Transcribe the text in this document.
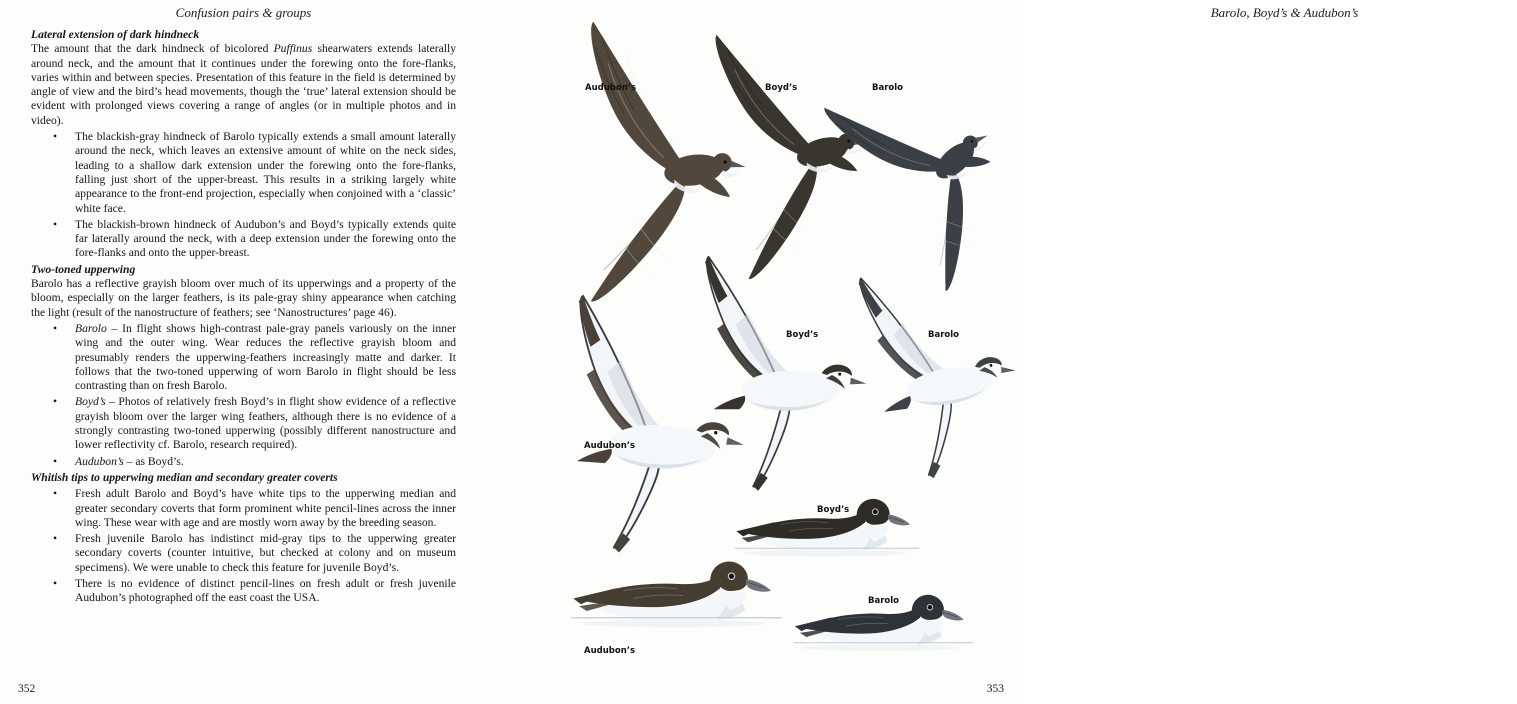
Confusion pairs & groups

Lateral extension of dark hindneck

The amount that the dark hindneck of bicolored Puffinus shearwaters extends laterally around neck, and the amount that it continues under the forewing onto the fore-flanks, varies within and between species. Presentation of this feature in the field is determined by angle of view and the bird’s head movements, though the ‘true’ lateral extension should be evident with prolonged views covering a range of angles (or in multiple photos and in video).

•	The blackish-gray hindneck of Barolo typically extends a small amount laterally around the neck, which leaves an extensive amount of white on the neck sides, leading to a shallow dark extension under the forewing onto the fore-flanks, falling just short of the upper-breast. This results in a striking largely white appearance to the front-end projection, especially when conjoined with a ‘classic’ white face.
•	The blackish-brown hindneck of Audubon’s and Boyd’s typically extends quite far laterally around the neck, with a deep extension under the forewing onto the fore-flanks and onto the upper-breast.

Two-toned upperwing

Barolo has a reflective grayish bloom over much of its upperwings and a property of the bloom, especially on the larger feathers, is its pale-gray shiny appearance when catching the light (result of the nanostructure of feathers; see ‘Nanostructures’ page 46).

•	Barolo – In flight shows high-contrast pale-gray panels variously on the inner wing and the outer wing. Wear reduces the reflective grayish bloom and presumably renders the upperwing-feathers increasingly matte and darker. It follows that the two-toned upperwing of worn Barolo in flight should be less contrasting than on fresh Barolo.
•	Boyd’s – Photos of relatively fresh Boyd’s in flight show evidence of a reflective grayish bloom over the larger wing feathers, although there is no evidence of a strongly contrasting two-toned upperwing (possibly different nanostructure and lower reflectivity cf. Barolo, research required).
•	Audubon’s – as Boyd’s.

Whitish tips to upperwing median and secondary greater coverts

•	Fresh adult Barolo and Boyd’s have white tips to the upperwing median and greater secondary coverts that form prominent white pencil-lines across the inner wing. These wear with age and are mostly worn away by the breeding season.
•	Fresh juvenile Barolo has indistinct mid-gray tips to the upperwing greater secondary coverts (counter intuitive, but checked at colony and on museum specimens). We were unable to check this feature for juvenile Boyd’s.
•	There is no evidence of distinct pencil-lines on fresh adult or fresh juvenile Audubon’s photographed off the east coast the USA.
352
Barolo, Boyd’s & Audubon’s
Audubon’s	Boyd’s	Barolo
Boyd’s	Barolo
Audubon’s
Boyd’s
Barolo
Audubon’s
353
